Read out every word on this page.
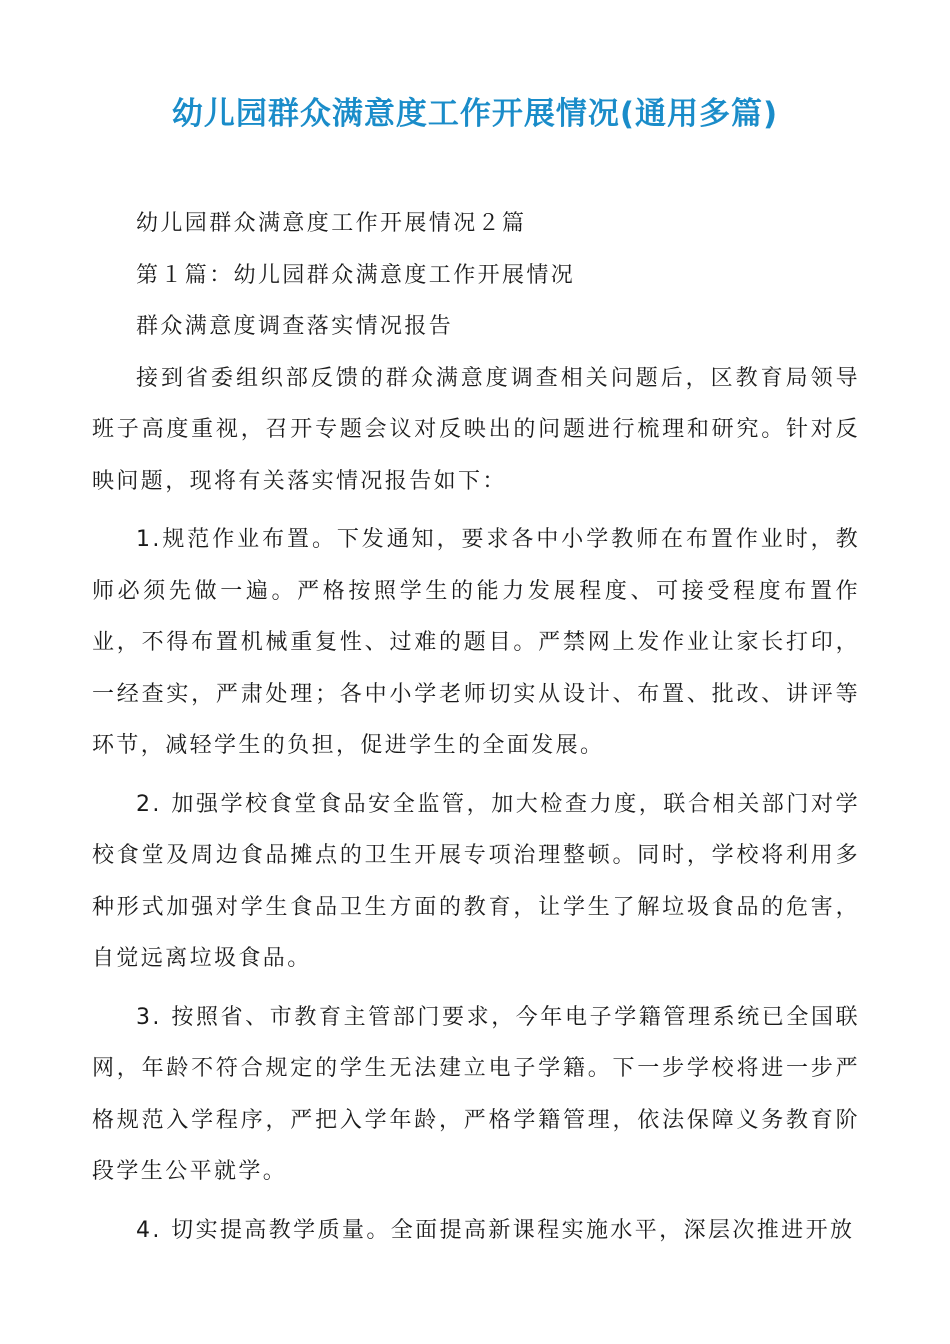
幼儿园群众满意度工作开展情况(通用多篇)

幼儿园群众满意度工作开展情况２篇

第１篇：幼儿园群众满意度工作开展情况

群众满意度调查落实情况报告

接到省委组织部反馈的群众满意度调查相关问题后，区教育局领导班子高度重视，召开专题会议对反映出的问题进行梳理和研究。针对反映问题，现将有关落实情况报告如下：

1.规范作业布置。下发通知，要求各中小学教师在布置作业时，教师必须先做一遍。严格按照学生的能力发展程度、可接受程度布置作业，不得布置机械重复性、过难的题目。严禁网上发作业让家长打印，一经查实，严肃处理；各中小学老师切实从设计、布置、批改、讲评等环节，减轻学生的负担，促进学生的全面发展。

2. 加强学校食堂食品安全监管，加大检查力度，联合相关部门对学校食堂及周边食品摊点的卫生开展专项治理整顿。同时，学校将利用多种形式加强对学生食品卫生方面的教育，让学生了解垃圾食品的危害，自觉远离垃圾食品。

3. 按照省、市教育主管部门要求，今年电子学籍管理系统已全国联网，年龄不符合规定的学生无法建立电子学籍。下一步学校将进一步严格规范入学程序，严把入学年龄，严格学籍管理，依法保障义务教育阶段学生公平就学。

4. 切实提高教学质量。全面提高新课程实施水平，深层次推进开放
